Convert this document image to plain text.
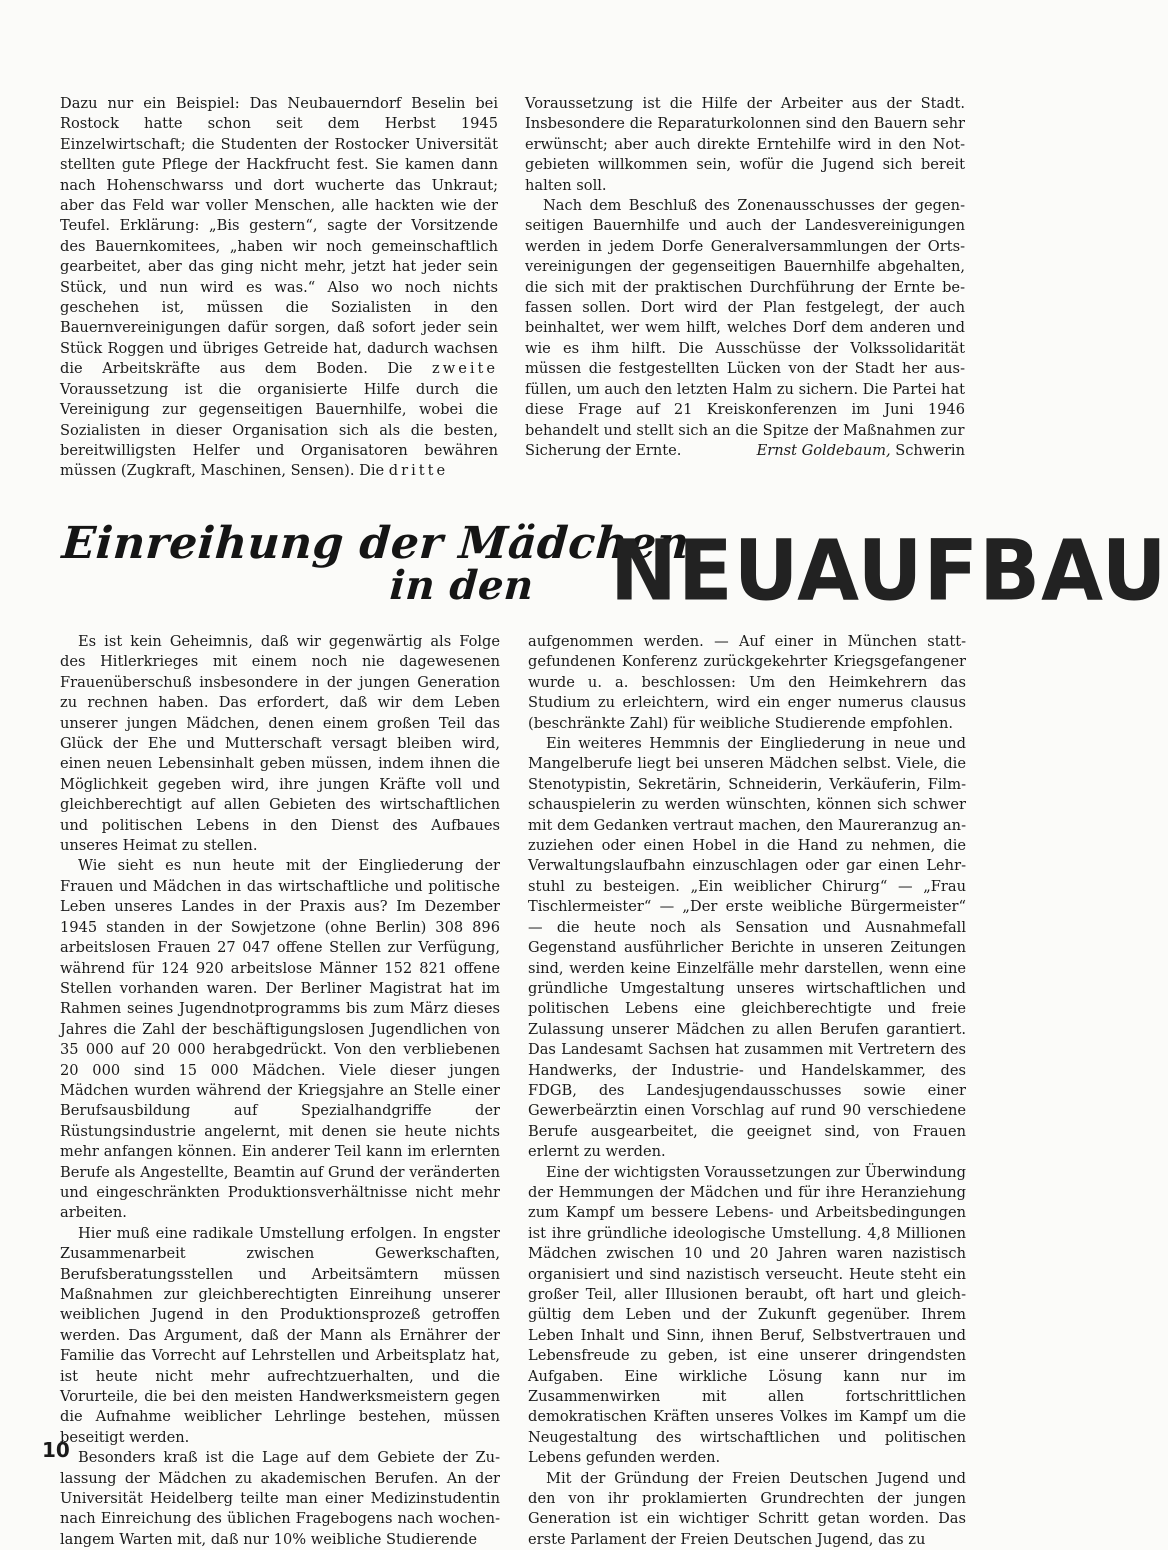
Dazu nur ein Beispiel: Das Neubauerndorf Beselin bei Rostock hatte schon seit dem Herbst 1945 Einzelwirtschaft; die Studenten der Rostocker Universität stellten gute Pflege der Hackfrucht fest. Sie kamen dann nach Hohenschwarss und dort wucherte das Unkraut; aber das Feld war voller Menschen, alle hackten wie der Teufel. Erklärung: „Bis gestern“, sagte der Vorsitzende des Bauernkomitees, „haben wir noch gemeinschaftlich gearbeitet, aber das ging nicht mehr, jetzt hat jeder sein Stück, und nun wird es was.“ Also wo noch nichts geschehen ist, müssen die Sozialisten in den Bauernvereinigungen dafür sorgen, daß sofort jeder sein Stück Roggen und übriges Getreide hat, dadurch wachsen die Arbeitskräfte aus dem Boden. Die zweite Voraussetzung ist die organisierte Hilfe durch die Vereinigung zur gegenseitigen Bauernhilfe, wobei die Sozialisten in dieser Organisation sich als die besten, bereitwilligsten Helfer und Organisatoren bewähren müssen (Zugkraft, Maschinen, Sensen). Die dritte

Voraussetzung ist die Hilfe der Arbeiter aus der Stadt. Insbesondere die Reparaturkolonnen sind den Bauern sehr erwünscht; aber auch direkte Erntehilfe wird in den Notgebieten willkommen sein, wofür die Jugend sich bereit halten soll.

Nach dem Beschluß des Zonenausschusses der gegenseitigen Bauernhilfe und auch der Landesvereinigungen werden in jedem Dorfe Generalversammlungen der Ortsvereinigungen der gegenseitigen Bauernhilfe abgehalten, die sich mit der praktischen Durchführung der Ernte befassen sollen. Dort wird der Plan festgelegt, der auch beinhaltet, wer wem hilft, welches Dorf dem anderen und wie es ihm hilft. Die Ausschüsse der Volkssolidarität müssen die festgestellten Lücken von der Stadt her ausfüllen, um auch den letzten Halm zu sichern. Die Partei hat diese Frage auf 21 Kreiskonferenzen im Juni 1946 behandelt und stellt sich an die Spitze der Maßnahmen zur

Sicherung der Ernte.	Ernst Goldebaum, Schwerin

Einreihung der Mädchen
in den NEUAUFBAU

Es ist kein Geheimnis, daß wir gegenwärtig als Folge des Hitlerkrieges mit einem noch nie dagewesenen Frauenüberschuß insbesondere in der jungen Generation zu rechnen haben. Das erfordert, daß wir dem Leben unserer jungen Mädchen, denen einem großen Teil das Glück der Ehe und Mutterschaft versagt bleiben wird, einen neuen Lebensinhalt geben müssen, indem ihnen die Möglichkeit gegeben wird, ihre jungen Kräfte voll und gleichberechtigt auf allen Gebieten des wirtschaftlichen und politischen Lebens in den Dienst des Aufbaues unseres Heimat zu stellen.

Wie sieht es nun heute mit der Eingliederung der Frauen und Mädchen in das wirtschaftliche und politische Leben unseres Landes in der Praxis aus? Im Dezember 1945 standen in der Sowjetzone (ohne Berlin) 308 896 arbeitslosen Frauen 27 047 offene Stellen zur Verfügung, während für 124 920 arbeitslose Männer 152 821 offene Stellen vorhanden waren. Der Berliner Magistrat hat im Rahmen seines Jugendnotprogramms bis zum März dieses Jahres die Zahl der beschäftigungslosen Jugendlichen von 35 000 auf 20 000 herabgedrückt. Von den verbliebenen 20 000 sind 15 000 Mädchen. Viele dieser jungen Mädchen wurden während der Kriegsjahre an Stelle einer Berufsausbildung auf Spezialhandgriffe der Rüstungsindustrie angelernt, mit denen sie heute nichts mehr anfangen können. Ein anderer Teil kann im erlernten Berufe als Angestellte, Beamtin auf Grund der veränderten und eingeschränkten Produktionsverhältnisse nicht mehr arbeiten.

Hier muß eine radikale Umstellung erfolgen. In engster Zusammenarbeit zwischen Gewerkschaften, Berufsberatungsstellen und Arbeitsämtern müssen Maßnahmen zur gleichberechtigten Einreihung unserer weiblichen Jugend in den Produktionsprozeß getroffen werden. Das Argument, daß der Mann als Ernährer der Familie das Vorrecht auf Lehrstellen und Arbeitsplatz hat, ist heute nicht mehr aufrechtzuerhalten, und die Vorurteile, die bei den meisten Handwerksmeistern gegen die Aufnahme weiblicher Lehrlinge bestehen, müssen beseitigt werden.

Besonders kraß ist die Lage auf dem Gebiete der Zulassung der Mädchen zu akademischen Berufen. An der Universität Heidelberg teilte man einer Medizinstudentin nach Einreichung des üblichen Fragebogens nach wochenlangem Warten mit, daß nur 10% weibliche Studierende

aufgenommen werden. — Auf einer in München stattgefundenen Konferenz zurückgekehrter Kriegsgefangener wurde u. a. beschlossen: Um den Heimkehrern das Studium zu erleichtern, wird ein enger numerus clausus (beschränkte Zahl) für weibliche Studierende empfohlen.

Ein weiteres Hemmnis der Eingliederung in neue und Mangelberufe liegt bei unseren Mädchen selbst. Viele, die Stenotypistin, Sekretärin, Schneiderin, Verkäuferin, Filmschauspielerin zu werden wünschten, können sich schwer mit dem Gedanken vertraut machen, den Maureranzug anzuziehen oder einen Hobel in die Hand zu nehmen, die Verwaltungslaufbahn einzuschlagen oder gar einen Lehrstuhl zu besteigen. „Ein weiblicher Chirurg“ — „Frau Tischlermeister“ — „Der erste weibliche Bürgermeister“ — die heute noch als Sensation und Ausnahmefall Gegenstand ausführlicher Berichte in unseren Zeitungen sind, werden keine Einzelfälle mehr darstellen, wenn eine gründliche Umgestaltung unseres wirtschaftlichen und politischen Lebens eine gleichberechtigte und freie Zulassung unserer Mädchen zu allen Berufen garantiert. Das Landesamt Sachsen hat zusammen mit Vertretern des Handwerks, der Industrie- und Handelskammer, des FDGB, des Landesjugendausschusses sowie einer Gewerbeärztin einen Vorschlag auf rund 90 verschiedene Berufe ausgearbeitet, die geeignet sind, von Frauen erlernt zu werden.

Eine der wichtigsten Voraussetzungen zur Überwindung der Hemmungen der Mädchen und für ihre Heranziehung zum Kampf um bessere Lebens- und Arbeitsbedingungen ist ihre gründliche ideologische Umstellung. 4,8 Millionen Mädchen zwischen 10 und 20 Jahren waren nazistisch organisiert und sind nazistisch verseucht. Heute steht ein großer Teil, aller Illusionen beraubt, oft hart und gleichgültig dem Leben und der Zukunft gegenüber. Ihrem Leben Inhalt und Sinn, ihnen Beruf, Selbstvertrauen und Lebensfreude zu geben, ist eine unserer dringendsten Aufgaben. Eine wirkliche Lösung kann nur im Zusammenwirken mit allen fortschrittlichen demokratischen Kräften unseres Volkes im Kampf um die Neugestaltung des wirtschaftlichen und politischen Lebens gefunden werden.

Mit der Gründung der Freien Deutschen Jugend und den von ihr proklamierten Grundrechten der jungen Generation ist ein wichtiger Schritt getan worden. Das erste Parlament der Freien Deutschen Jugend, das zu

10
